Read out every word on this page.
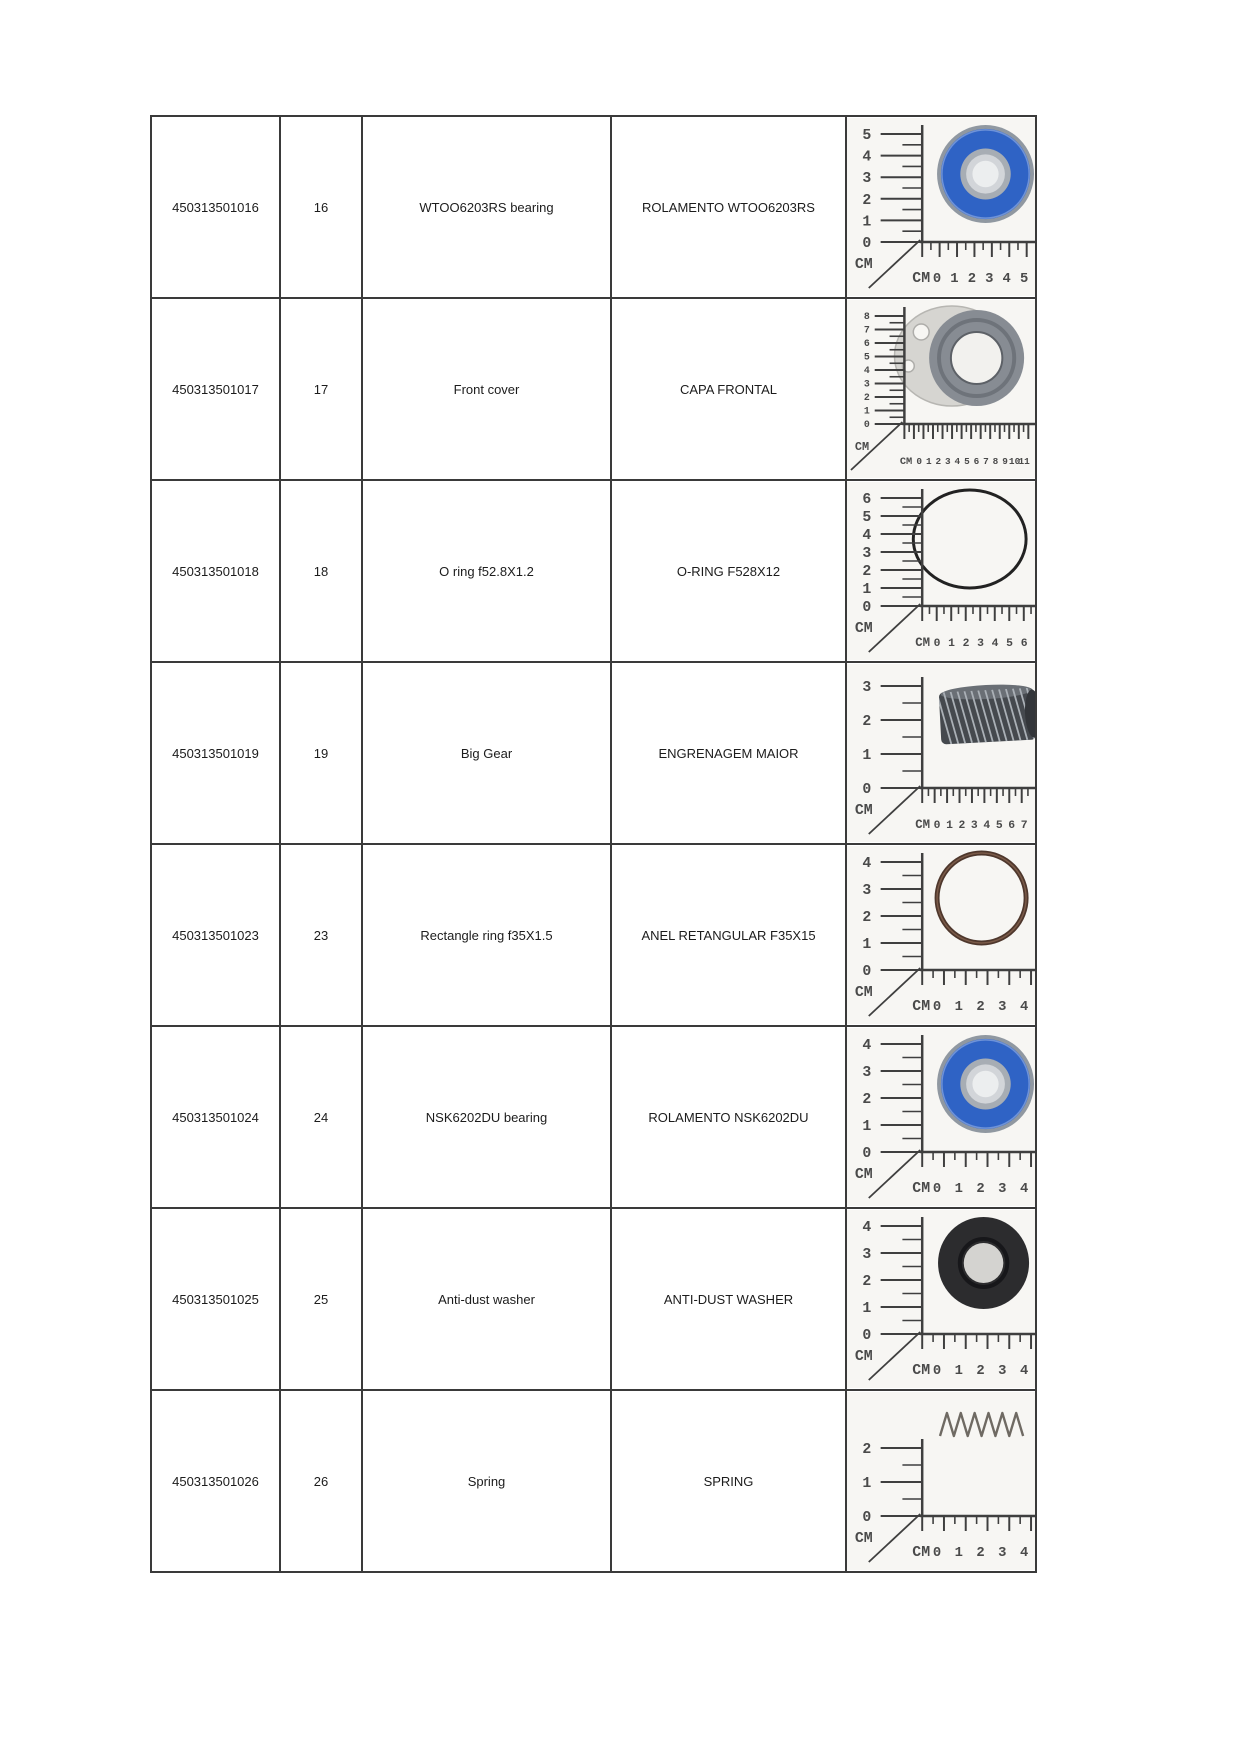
450313501016	16	WTOO6203RS bearing	ROLAMENTO WTOO6203RS

5
4
3
2
1
0
CM
CM 0 1 2 3 4 5

450313501017	17	Front cover	CAPA FRONTAL

8
7
6
5
4
3
2
1
0
CM
CM 0 1 2 3 4 5 6 7 8 9 10
11

450313501018	18	O ring f52.8X1.2	O-RING F528X12

6
5
4
3
2
1
0
CM
CM 0 1 2 3 4 5 6

450313501019	19	Big Gear	ENGRENAGEM MAIOR

3
2
1
0
CM
CM 0 1 2 3 4 5 6 7

450313501023	23	Rectangle ring f35X1.5	ANEL RETANGULAR F35X15

4
3
2
1
0
CM
CM 0 1 2 3 4

450313501024	24	NSK6202DU bearing	ROLAMENTO NSK6202DU

4
3
2
1
0
CM
CM 0 1 2 3 4

450313501025	25	Anti-dust washer	ANTI-DUST WASHER

4
3
2
1
0
CM
CM 0 1 2 3 4

450313501026	26	Spring	SPRING

2
1
0
CM
CM 0 1 2 3 4
